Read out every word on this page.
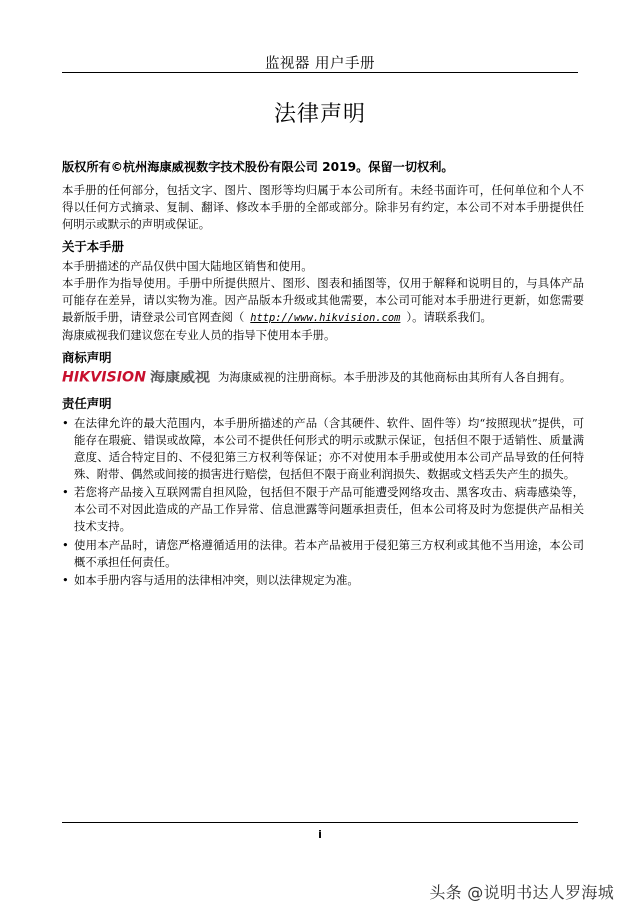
监视器 用户手册
法律声明
版权所有©杭州海康威视数字技术股份有限公司 2019。保留一切权利。

本手册的任何部分，包括文字、图片、图形等均归属于本公司所有。未经书面许可，任何单位和个人不得以任何方式摘录、复制、翻译、修改本手册的全部或部分。除非另有约定，本公司不对本手册提供任何明示或默示的声明或保证。

关于本手册

本手册描述的产品仅供中国大陆地区销售和使用。

本手册作为指导使用。手册中所提供照片、图形、图表和插图等，仅用于解释和说明目的，与具体产品可能存在差异，请以实物为准。因产品版本升级或其他需要，本公司可能对本手册进行更新，如您需要最新版手册，请登录公司官网查阅（ http://www.hikvision.com ）。请联系我们。

海康威视我们建议您在专业人员的指导下使用本手册。

商标声明

HIKVISION 海康威视	为海康威视的注册商标。本手册涉及的其他商标由其所有人各自拥有。

责任声明
• 在法律允许的最大范围内，本手册所描述的产品（含其硬件、软件、固件等）均“按照现状”提供，可能存在瑕疵、错误或故障，本公司不提供任何形式的明示或默示保证，包括但不限于适销性、质量满意度、适合特定目的、不侵犯第三方权利等保证；亦不对使用本手册或使用本公司产品导致的任何特殊、附带、偶然或间接的损害进行赔偿，包括但不限于商业利润损失、数据或文档丢失产生的损失。
• 若您将产品接入互联网需自担风险，包括但不限于产品可能遭受网络攻击、黑客攻击、病毒感染等，本公司不对因此造成的产品工作异常、信息泄露等问题承担责任，但本公司将及时为您提供产品相关技术支持。
• 使用本产品时，请您严格遵循适用的法律。若本产品被用于侵犯第三方权利或其他不当用途，本公司概不承担任何责任。
• 如本手册内容与适用的法律相冲突，则以法律规定为准。
i
头条 @说明书达人罗海城
